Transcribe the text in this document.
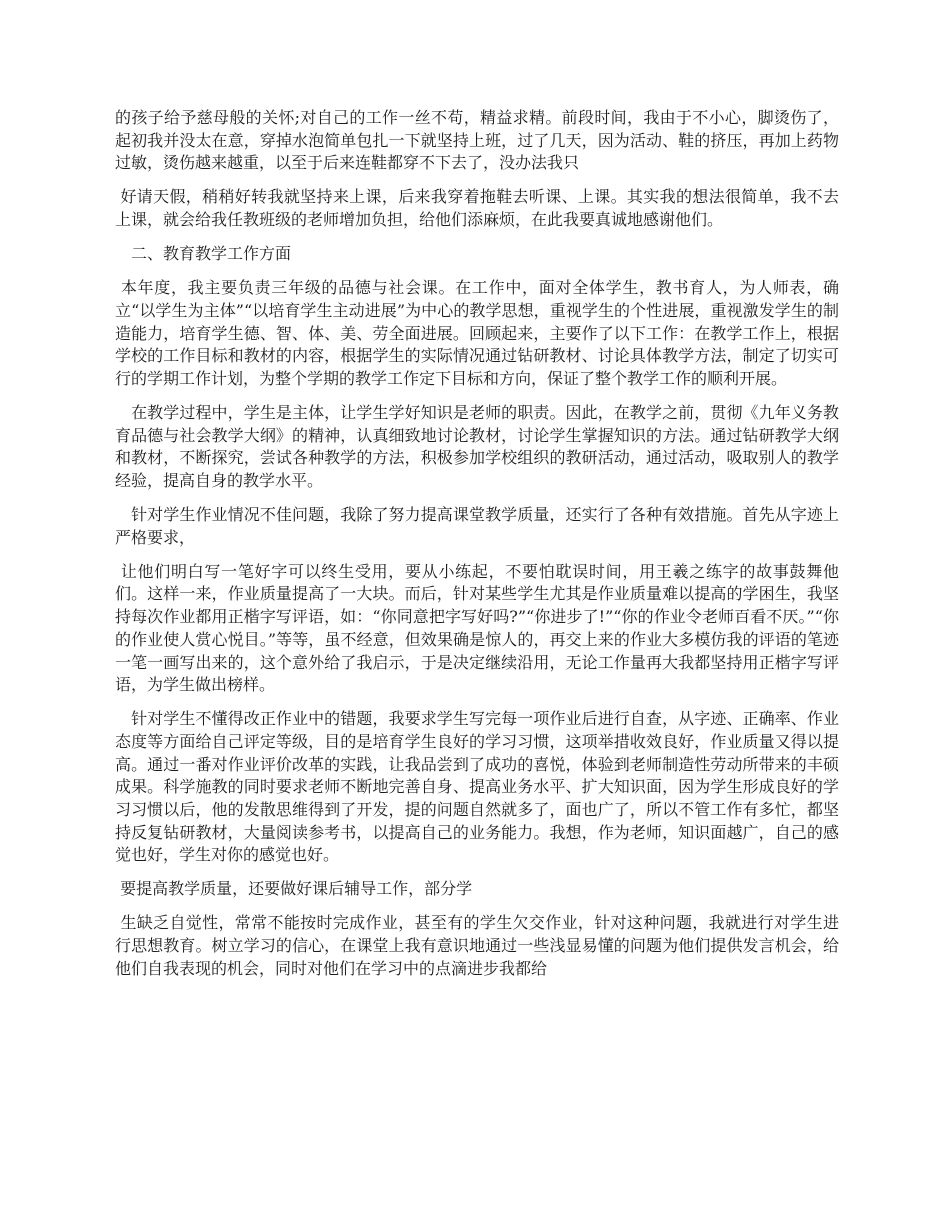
的孩子给予慈母般的关怀;对自己的工作一丝不苟，精益求精。前段时间，我由于不小心，脚烫伤了，起初我并没太在意，穿掉水泡简单包扎一下就坚持上班，过了几天，因为活动、鞋的挤压，再加上药物过敏，烫伤越来越重，以至于后来连鞋都穿不下去了，没办法我只

好请天假，稍稍好转我就坚持来上课，后来我穿着拖鞋去听课、上课。其实我的想法很简单，我不去上课，就会给我任教班级的老师增加负担，给他们添麻烦，在此我要真诚地感谢他们。

　二、教育教学工作方面

本年度，我主要负责三年级的品德与社会课。在工作中，面对全体学生，教书育人，为人师表，确立“以学生为主体”“以培育学生主动进展”为中心的教学思想，重视学生的个性进展，重视激发学生的制造能力，培育学生德、智、体、美、劳全面进展。回顾起来，主要作了以下工作：在教学工作上，根据学校的工作目标和教材的内容，根据学生的实际情况通过钻研教材、讨论具体教学方法，制定了切实可行的学期工作计划，为整个学期的教学工作定下目标和方向，保证了整个教学工作的顺利开展。

　在教学过程中，学生是主体，让学生学好知识是老师的职责。因此，在教学之前，贯彻《九年义务教育品德与社会教学大纲》的精神，认真细致地讨论教材，讨论学生掌握知识的方法。通过钻研教学大纲和教材，不断探究，尝试各种教学的方法，积极参加学校组织的教研活动，通过活动，吸取别人的教学经验，提高自身的教学水平。

　针对学生作业情况不佳问题，我除了努力提高课堂教学质量，还实行了各种有效措施。首先从字迹上严格要求，

让他们明白写一笔好字可以终生受用，要从小练起，不要怕耽误时间，用王羲之练字的故事鼓舞他们。这样一来，作业质量提高了一大块。而后，针对某些学生尤其是作业质量难以提高的学困生，我坚持每次作业都用正楷字写评语，如：“你同意把字写好吗?”“你进步了!”“你的作业令老师百看不厌。”“你的作业使人赏心悦目。”等等，虽不经意，但效果确是惊人的，再交上来的作业大多模仿我的评语的笔迹一笔一画写出来的，这个意外给了我启示，于是决定继续沿用，无论工作量再大我都坚持用正楷字写评语，为学生做出榜样。

　针对学生不懂得改正作业中的错题，我要求学生写完每一项作业后进行自查，从字迹、正确率、作业态度等方面给自己评定等级，目的是培育学生良好的学习习惯，这项举措收效良好，作业质量又得以提高。通过一番对作业评价改革的实践，让我品尝到了成功的喜悦，体验到老师制造性劳动所带来的丰硕成果。科学施教的同时要求老师不断地完善自身、提高业务水平、扩大知识面，因为学生形成良好的学习习惯以后，他的发散思维得到了开发，提的问题自然就多了，面也广了，所以不管工作有多忙，都坚持反复钻研教材，大量阅读参考书，以提高自己的业务能力。我想，作为老师，知识面越广，自己的感觉也好，学生对你的感觉也好。

要提高教学质量，还要做好课后辅导工作，部分学

生缺乏自觉性，常常不能按时完成作业，甚至有的学生欠交作业，针对这种问题，我就进行对学生进行思想教育。树立学习的信心，在课堂上我有意识地通过一些浅显易懂的问题为他们提供发言机会，给他们自我表现的机会，同时对他们在学习中的点滴进步我都给
